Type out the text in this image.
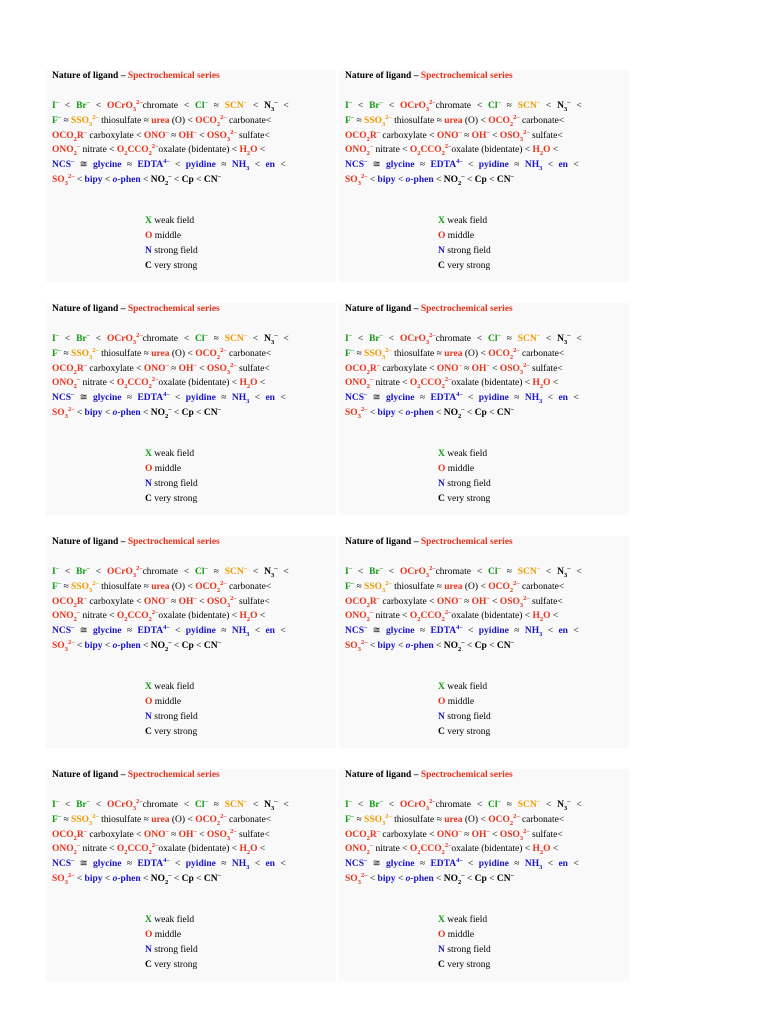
Nature of ligand – Spectrochemical series
I– < Br– < OCrO$_3^{2-}$chromate < $Cl^- \approx SCN^- < N_3^-$ <
$F^- \approx SSO_3^{2-}$ thiosulfate ≈ urea $(O) < OCO_2^{2-}$ carbonate<
$OCO_2R^-$ carboxylate < $ONO^- \approx OH^- < OSO_3^{2-}$ sulfate<
$ONO_2^-$ nitrate < $O_2CCO_2^{2-}oxalate$ (bidentate) < $H_2O$ <
NCS– ≅ glycine ≈ $EDTA^{4-}$ < pyidine ≈ $NH_3$ < en <
$SO_3^{2-}$ < bipy < o-phen < $NO_2^- < Cp < CN^-$
X weak field
O middle
N strong field
C very strong
Nature of ligand – Spectrochemical series
I– < Br– < OCrO$_3^{2-}$chromate < $Cl^- \approx SCN^- < N_3^-$ <
$F^- \approx SSO_3^{2-}$ thiosulfate ≈ urea $(O) < OCO_2^{2-}$ carbonate<
$OCO_2R^-$ carboxylate < $ONO^- \approx OH^- < OSO_3^{2-}$ sulfate<
$ONO_2^-$ nitrate < $O_2CCO_2^{2-}oxalate$ (bidentate) < $H_2O$ <
NCS– ≅ glycine ≈ $EDTA^{4-}$ < pyidine ≈ $NH_3$ < en <
$SO_3^{2-}$ < bipy < o-phen < $NO_2^- < Cp < CN^-$
X weak field
O middle
N strong field
C very strong
Nature of ligand – Spectrochemical series
I– < Br– < OCrO$_3^{2-}$chromate < $Cl^- \approx SCN^- < N_3^-$ <
$F^- \approx SSO_3^{2-}$ thiosulfate ≈ urea $(O) < OCO_2^{2-}$ carbonate<
$OCO_2R^-$ carboxylate < $ONO^- \approx OH^- < OSO_3^{2-}$ sulfate<
$ONO_2^-$ nitrate < $O_2CCO_2^{2-}oxalate$ (bidentate) < $H_2O$ <
NCS– ≅ glycine ≈ $EDTA^{4-}$ < pyidine ≈ $NH_3$ < en <
$SO_3^{2-}$ < bipy < o-phen < $NO_2^- < Cp < CN^-$
X weak field
O middle
N strong field
C very strong
Nature of ligand – Spectrochemical series
I– < Br– < OCrO$_3^{2-}$chromate < $Cl^- \approx SCN^- < N_3^-$ <
$F^- \approx SSO_3^{2-}$ thiosulfate ≈ urea $(O) < OCO_2^{2-}$ carbonate<
$OCO_2R^-$ carboxylate < $ONO^- \approx OH^- < OSO_3^{2-}$ sulfate<
$ONO_2^-$ nitrate < $O_2CCO_2^{2-}oxalate$ (bidentate) < $H_2O$ <
NCS– ≅ glycine ≈ $EDTA^{4-}$ < pyidine ≈ $NH_3$ < en <
$SO_3^{2-}$ < bipy < o-phen < $NO_2^- < Cp < CN^-$
X weak field
O middle
N strong field
C very strong
Nature of ligand – Spectrochemical series
I– < Br– < OCrO$_3^{2-}$chromate < $Cl^- \approx SCN^- < N_3^-$ <
$F^- \approx SSO_3^{2-}$ thiosulfate ≈ urea $(O) < OCO_2^{2-}$ carbonate<
$OCO_2R^-$ carboxylate < $ONO^- \approx OH^- < OSO_3^{2-}$ sulfate<
$ONO_2^-$ nitrate < $O_2CCO_2^{2-}oxalate$ (bidentate) < $H_2O$ <
NCS– ≅ glycine ≈ $EDTA^{4-}$ < pyidine ≈ $NH_3$ < en <
$SO_3^{2-}$ < bipy < o-phen < $NO_2^- < Cp < CN^-$
X weak field
O middle
N strong field
C very strong
Nature of ligand – Spectrochemical series
I– < Br– < OCrO$_3^{2-}$chromate < $Cl^- \approx SCN^- < N_3^-$ <
$F^- \approx SSO_3^{2-}$ thiosulfate ≈ urea $(O) < OCO_2^{2-}$ carbonate<
$OCO_2R^-$ carboxylate < $ONO^- \approx OH^- < OSO_3^{2-}$ sulfate<
$ONO_2^-$ nitrate < $O_2CCO_2^{2-}oxalate$ (bidentate) < $H_2O$ <
NCS– ≅ glycine ≈ $EDTA^{4-}$ < pyidine ≈ $NH_3$ < en <
$SO_3^{2-}$ < bipy < o-phen < $NO_2^- < Cp < CN^-$
X weak field
O middle
N strong field
C very strong
Nature of ligand – Spectrochemical series
I– < Br– < OCrO$_3^{2-}$chromate < $Cl^- \approx SCN^- < N_3^-$ <
$F^- \approx SSO_3^{2-}$ thiosulfate ≈ urea $(O) < OCO_2^{2-}$ carbonate<
$OCO_2R^-$ carboxylate < $ONO^- \approx OH^- < OSO_3^{2-}$ sulfate<
$ONO_2^-$ nitrate < $O_2CCO_2^{2-}oxalate$ (bidentate) < $H_2O$ <
NCS– ≅ glycine ≈ $EDTA^{4-}$ < pyidine ≈ $NH_3$ < en <
$SO_3^{2-}$ < bipy < o-phen < $NO_2^- < Cp < CN^-$
X weak field
O middle
N strong field
C very strong
Nature of ligand – Spectrochemical series
I– < Br– < OCrO$_3^{2-}$chromate < $Cl^- \approx SCN^- < N_3^-$ <
$F^- \approx SSO_3^{2-}$ thiosulfate ≈ urea $(O) < OCO_2^{2-}$ carbonate<
$OCO_2R^-$ carboxylate < $ONO^- \approx OH^- < OSO_3^{2-}$ sulfate<
$ONO_2^-$ nitrate < $O_2CCO_2^{2-}oxalate$ (bidentate) < $H_2O$ <
NCS– ≅ glycine ≈ $EDTA^{4-}$ < pyidine ≈ $NH_3$ < en <
$SO_3^{2-}$ < bipy < o-phen < $NO_2^- < Cp < CN^-$
X weak field
O middle
N strong field
C very strong
